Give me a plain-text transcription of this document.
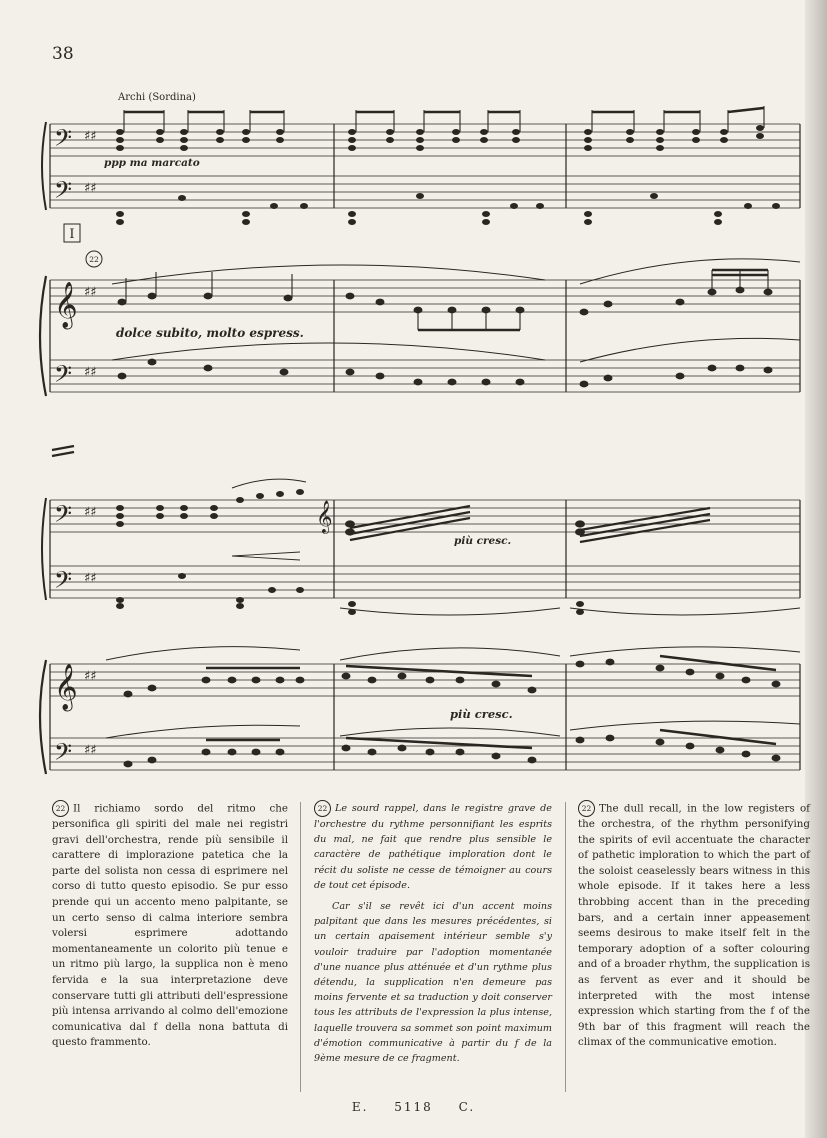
38
𝄢
𝄢
𝄞
𝄢
𝄢
𝄢
𝄞
𝄢
𝄞
♯♯
♯♯
♯♯
♯♯
♯♯
♯♯
♯♯
♯♯
I
22
Archi (Sordina)
ppp ma marcato
dolce subito, molto espress.
più cresc.
più cresc.

22 Il richiamo sordo del ritmo che personifica gli spiriti del male nei registri gravi dell'orchestra, rende più sensibile il carattere di implorazione patetica che la parte del solista non cessa di esprimere nel corso di tutto questo episodio. Se pur esso prende qui un accento meno palpitante, se un certo senso di calma interiore sembra volersi esprimere adottando momentaneamente un colorito più tenue e un ritmo più largo, la supplica non è meno fervida e la sua interpretazione deve conservare tutti gli attributi dell'espressione più intensa arrivando al colmo dell'emozione comunicativa dal f della nona battuta di questo frammento.

22 Le sourd rappel, dans le registre grave de l'orchestre du rythme personnifiant les esprits du mal, ne fait que rendre plus sensible le caractère de pathétique imploration dont le récit du soliste ne cesse de témoigner au cours de tout cet épisode.

Car s'il se revêt ici d'un accent moins palpitant que dans les mesures précédentes, si un certain apaisement intérieur semble s'y vouloir traduire par l'adoption momentanée d'une nuance plus atténuée et d'un rythme plus détendu, la supplication n'en demeure pas moins fervente et sa traduction y doit conserver tous les attributs de l'expression la plus intense, laquelle trouvera sa sommet son point maximum d'émotion communicative à partir du f de la 9ème mesure de ce fragment.

22 The dull recall, in the low registers of the orchestra, of the rhythm personifying the spirits of evil accentuate the character of pathetic imploration to which the part of the soloist ceaselessly bears witness in this whole episode. If it takes here a less throbbing accent than in the preceding bars, and a certain inner appeasement seems desirous to make itself felt in the temporary adoption of a softer colouring and of a broader rhythm, the supplication is as fervent as ever and it should be interpreted with the most intense expression which starting from the f of the 9th bar of this fragment will reach the climax of the communicative emotion.

E. 5118 C.
